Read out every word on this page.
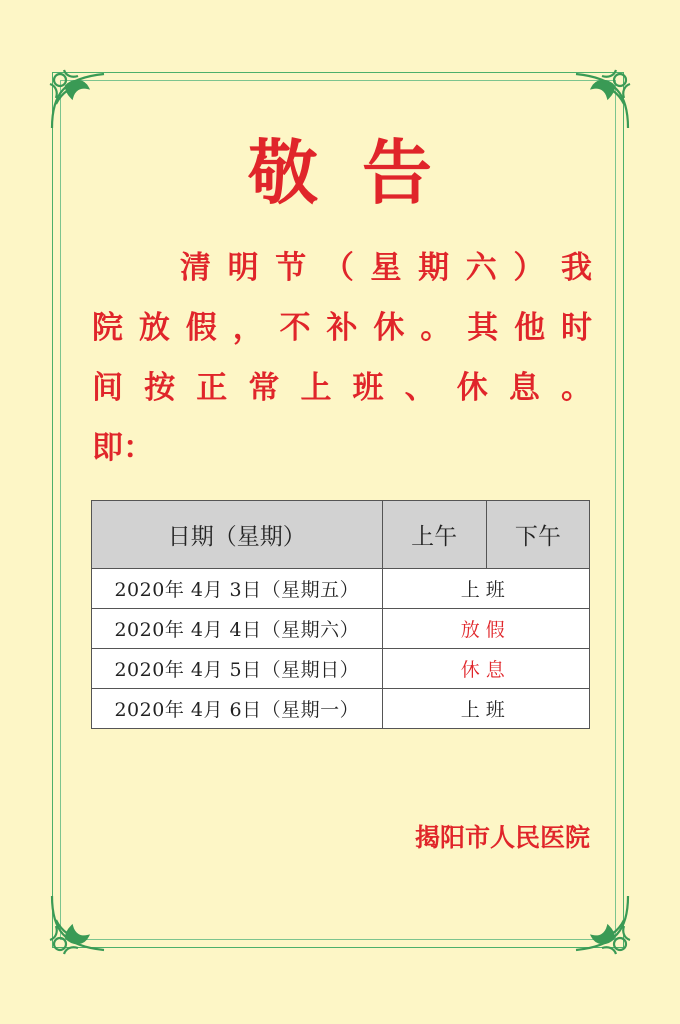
敬告
清明节（星期六）我
院放假，不补休。其他时
间按正常上班、休息。
即：
日期（星期）	上午	下午
2020年 4月 3日（星期五）	上班	
2020年 4月 4日（星期六）	放假	
2020年 4月 5日（星期日）	休息	
2020年 4月 6日（星期一）	上班	
揭阳市人民医院
